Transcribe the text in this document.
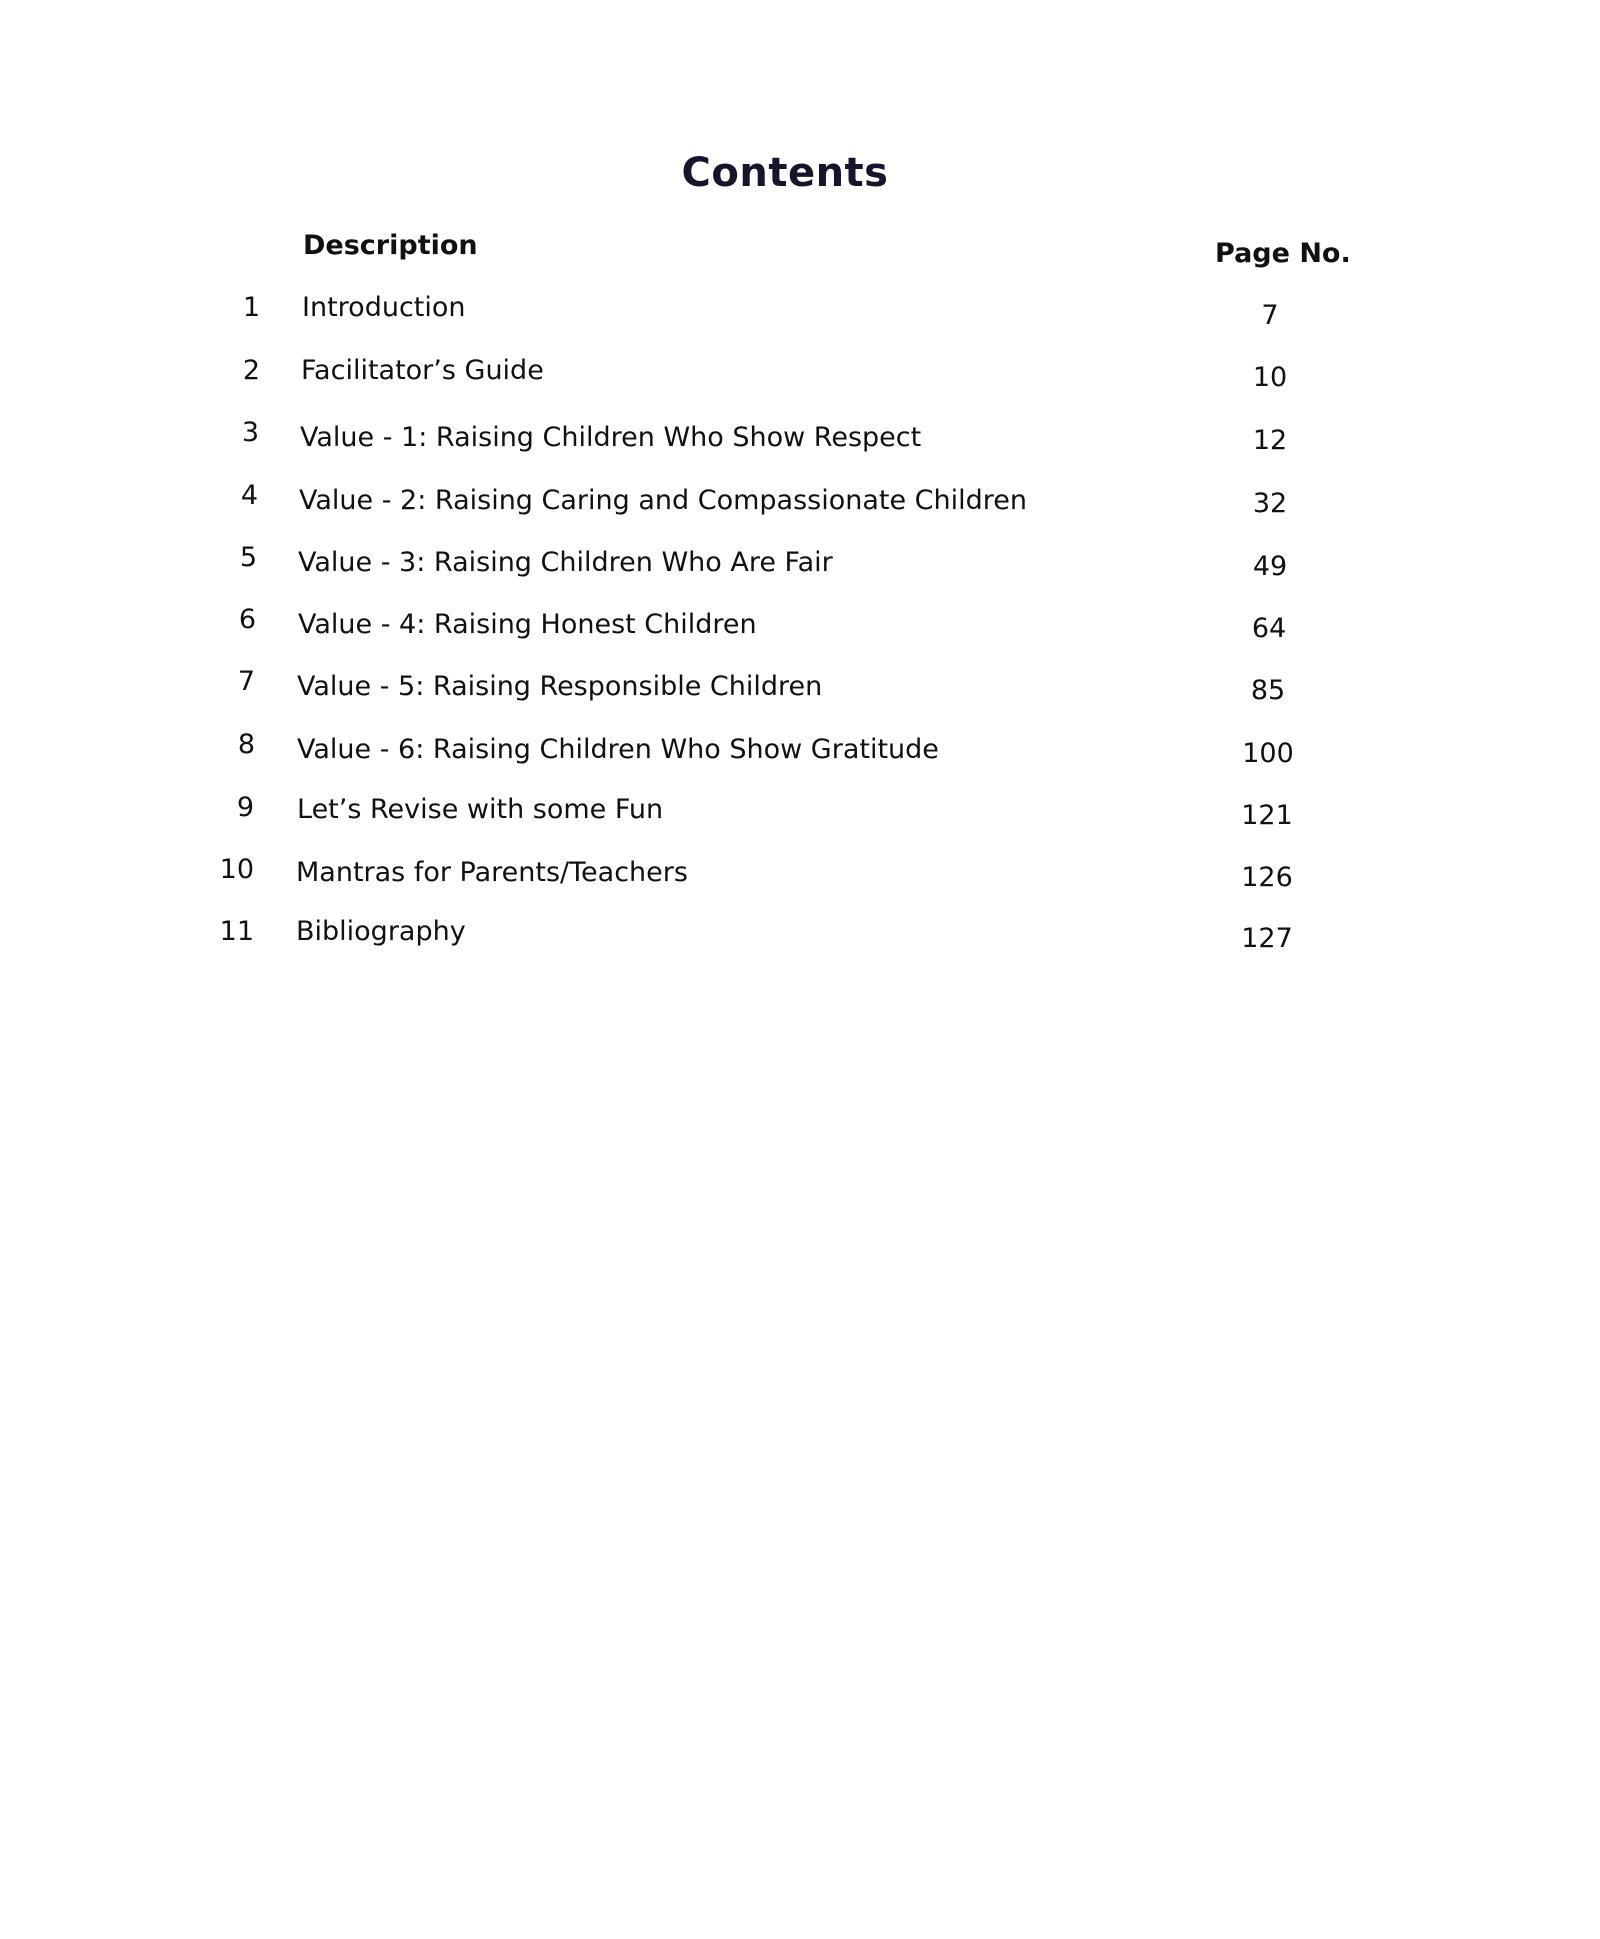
Contents
Description	Page No.
1 Introduction	7
2 Facilitator’s Guide	10
3 Value - 1: Raising Children Who Show Respect	12
4 Value - 2: Raising Caring and Compassionate Children	32
5 Value - 3: Raising Children Who Are Fair	49
6 Value - 4: Raising Honest Children	64
7 Value - 5: Raising Responsible Children	85
8 Value - 6: Raising Children Who Show Gratitude	100
9 Let’s Revise with some Fun	121
10 Mantras for Parents/Teachers	126
11 Bibliography	127
